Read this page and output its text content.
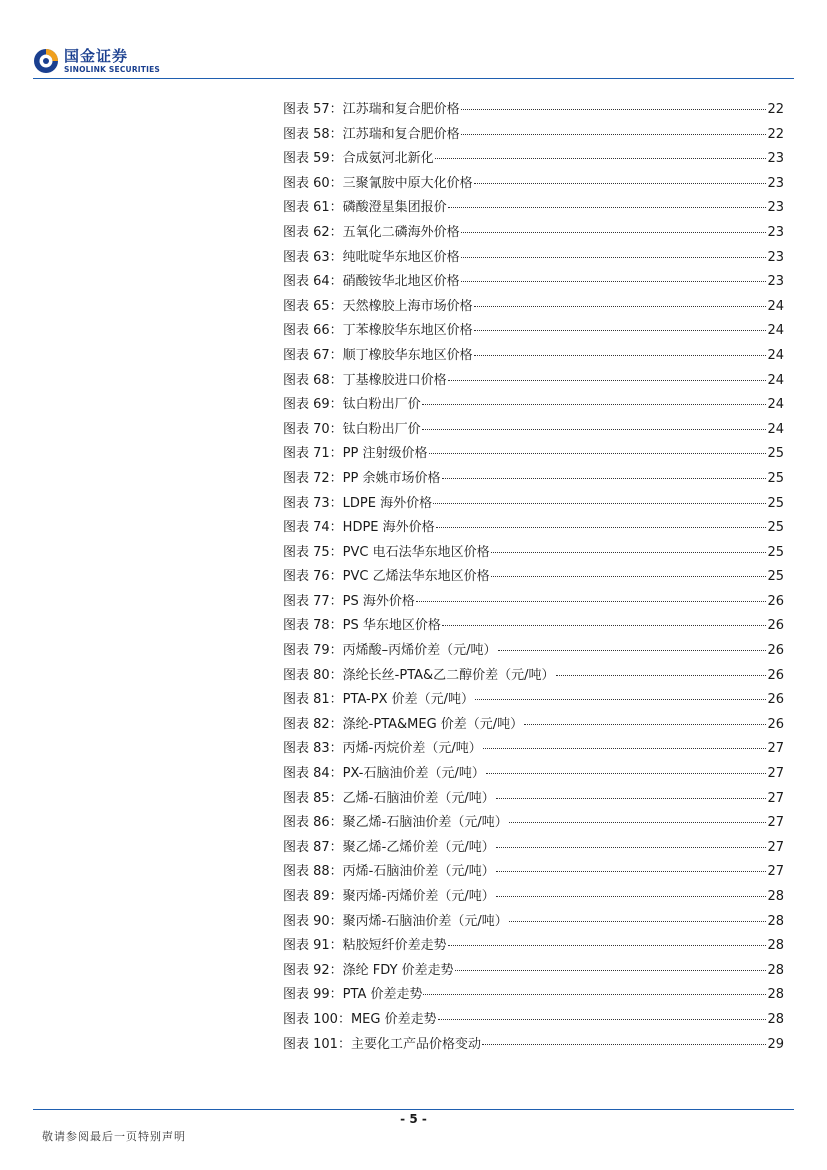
国金证券
SINOLINK SECURITIES
图表 57：江苏瑞和复合肥价格	22
图表 58：江苏瑞和复合肥价格	22
图表 59：合成氨河北新化	23
图表 60：三聚氰胺中原大化价格	23
图表 61：磷酸澄星集团报价	23
图表 62：五氧化二磷海外价格	23
图表 63：纯吡啶华东地区价格	23
图表 64：硝酸铵华北地区价格	23
图表 65：天然橡胶上海市场价格	24
图表 66：丁苯橡胶华东地区价格	24
图表 67：顺丁橡胶华东地区价格	24
图表 68：丁基橡胶进口价格	24
图表 69：钛白粉出厂价	24
图表 70：钛白粉出厂价	24
图表 71：PP 注射级价格	25
图表 72：PP 余姚市场价格	25
图表 73：LDPE 海外价格	25
图表 74：HDPE 海外价格	25
图表 75：PVC 电石法华东地区价格	25
图表 76：PVC 乙烯法华东地区价格	25
图表 77：PS 海外价格	26
图表 78：PS 华东地区价格	26
图表 79：丙烯酸–丙烯价差（元/吨）	26
图表 80：涤纶长丝-PTA&乙二醇价差（元/吨）	26
图表 81：PTA-PX 价差（元/吨）	26
图表 82：涤纶-PTA&MEG 价差（元/吨）	26
图表 83：丙烯-丙烷价差（元/吨）	27
图表 84：PX-石脑油价差（元/吨）	27
图表 85：乙烯-石脑油价差（元/吨）	27
图表 86：聚乙烯-石脑油价差（元/吨）	27
图表 87：聚乙烯-乙烯价差（元/吨）	27
图表 88：丙烯-石脑油价差（元/吨）	27
图表 89：聚丙烯-丙烯价差（元/吨）	28
图表 90：聚丙烯-石脑油价差（元/吨）	28
图表 91：粘胶短纤价差走势	28
图表 92：涤纶 FDY 价差走势	28
图表 99：PTA 价差走势	28
图表 100：MEG 价差走势	28
图表 101：主要化工产品价格变动	29
- 5 -
敬请参阅最后一页特别声明
